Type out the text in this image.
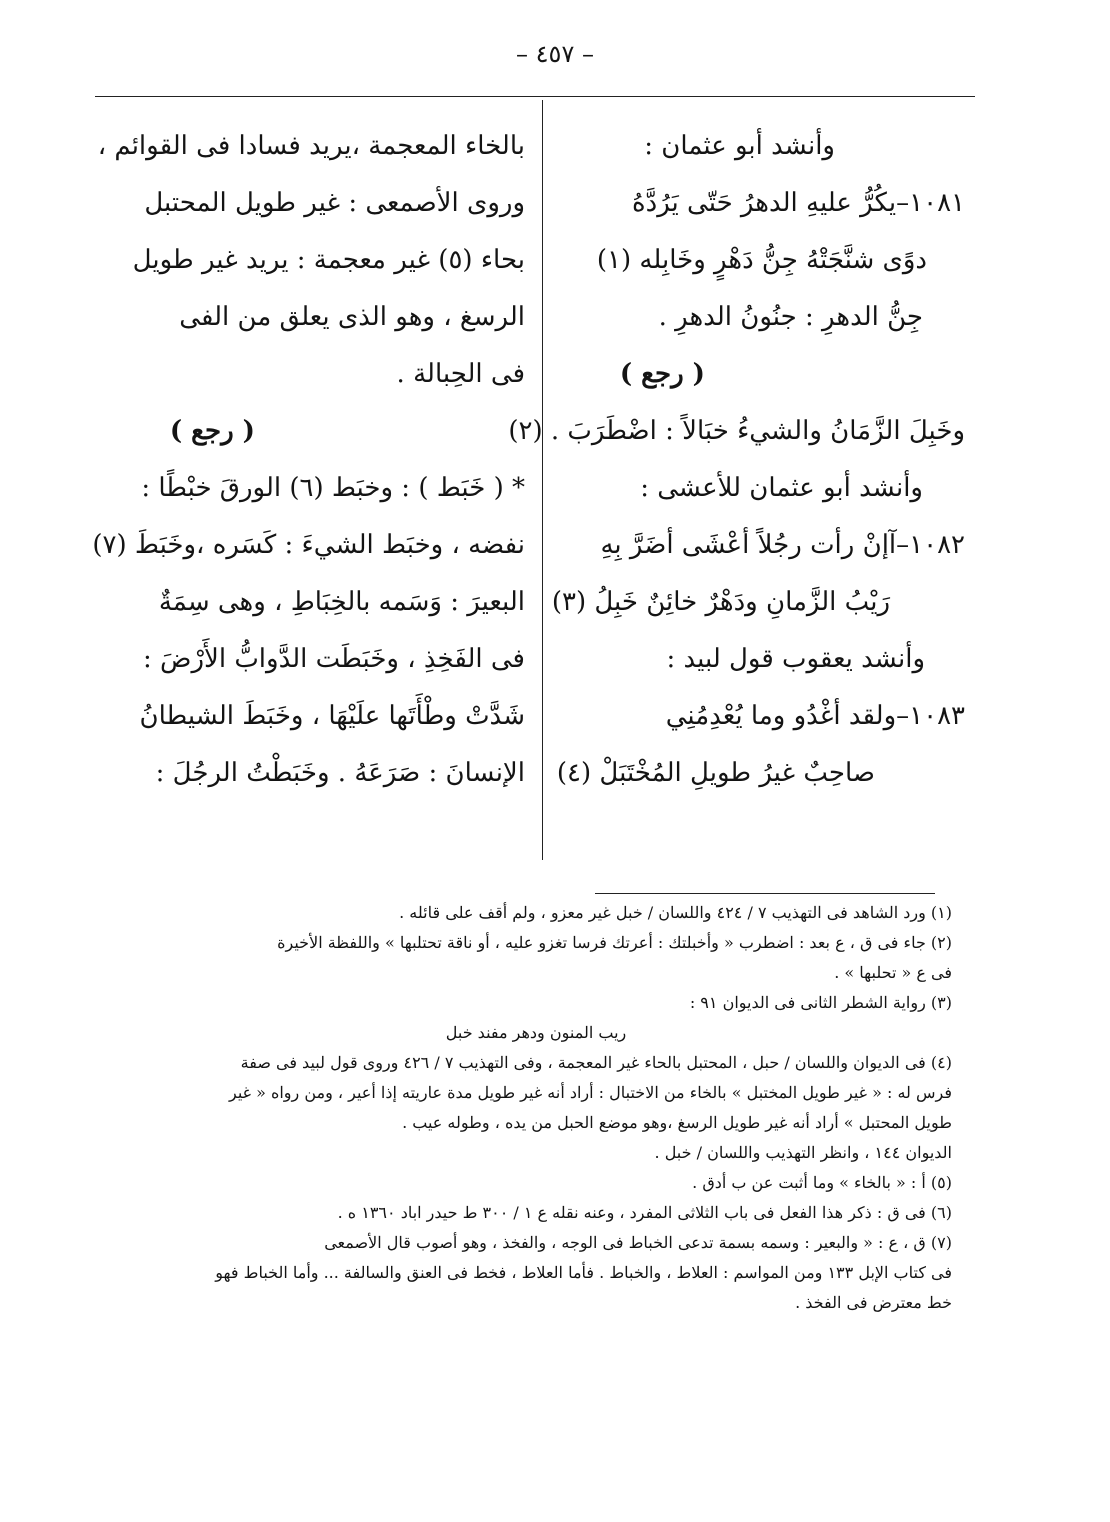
– ٤٥٧ –
وأنشد أبو عثمان :
١٠٨١–يكُرُّ عليهِ الدهرُ حَتّى يَرُدَّهُ
دوًى شنَّجَتْهُ جِنُّ دَهْرٍ وخَابِله (١)
جِنُّ الدهرِ : جنُونُ الدهرِ .
( رجع )
وخَبِلَ الزَّمَانُ والشيءُ خبَالاً : اضْطَرَبَ . (٢)
وأنشد أبو عثمان للأعشى :
١٠٨٢–آإنْ رأت رجُلاً أعْشَى أضَرَّ بِهِ
رَيْبُ الزَّمانِ ودَهْرٌ خائِنٌ خَبِلُ (٣)
وأنشد يعقوب قول لبيد :
١٠٨٣–ولقد أغْدُو وما يُعْدِمُنِي
صاحِبٌ غيرُ طويلِ المُخْتَبَلْ (٤)
بالخاء المعجمة ،يريد فسادا فى القوائم ،
وروى الأصمعى : غير طويل المحتبل
بحاء (٥) غير معجمة : يريد غير طويل
الرسغ ، وهو الذى يعلق من الفى
فى الحِبالة .
( رجع )
* ( خَبَط ) : وخبَط (٦) الورقَ خبْطًا :
نفضه ، وخبَط الشيءَ : كَسَره ،وخَبَطَ (٧)
البعيرَ : وَسَمه بالخِبَاطِ ، وهى سِمَةٌ
فى الفَخِذِ ، وخَبَطَت الدَّوابُّ الأَرْضَ :
شَدَّتْ وطْأَتَها علَيْهَا ، وخَبَطَ الشيطانُ
الإنسانَ : صَرَعَهُ . وخَبَطْتُ الرجُلَ :
(١) ورد الشاهد فى التهذيب ٧ / ٤٢٤ واللسان / خبل غير معزو ، ولم أقف على قائله .
(٢) جاء فى ق ، ع بعد : اضطرب « وأخبلتك : أعرتك فرسا تغزو عليه ، أو ناقة تحتلبها » واللفظة الأخيرة
فى ع « تحلبها » .
(٣) رواية الشطر الثانى فى الديوان ٩١ :
ريب المنون ودهر مفند خبل
(٤) فى الديوان واللسان / حبل ، المحتبل بالحاء غير المعجمة ، وفى التهذيب ٧ / ٤٢٦ وروى قول لبيد فى صفة
فرس له : « غير طويل المختبل » بالخاء من الاختبال : أراد أنه غير طويل مدة عاريته إذا أعير ، ومن رواه « غير
طويل المحتبل » أراد أنه غير طويل الرسغ ،وهو موضع الحبل من يده ، وطوله عيب .
الديوان ١٤٤ ، وانظر التهذيب واللسان / خبل .
(٥) أ : « بالخاء » وما أثبت عن ب أدق .
(٦) فى ق : ذكر هذا الفعل فى باب الثلاثى المفرد ، وعنه نقله ع ١ / ٣٠٠ ط حيدر اباد ١٣٦٠ ه .
(٧) ق ، ع : « والبعير : وسمه بسمة تدعى الخباط فى الوجه ، والفخذ ، وهو أصوب قال الأصمعى
فى كتاب الإبل ١٣٣ ومن المواسم : العلاط ، والخباط . فأما العلاط ، فخط فى العنق والسالفة ... وأما الخباط فهو
خط معترض فى الفخذ .
